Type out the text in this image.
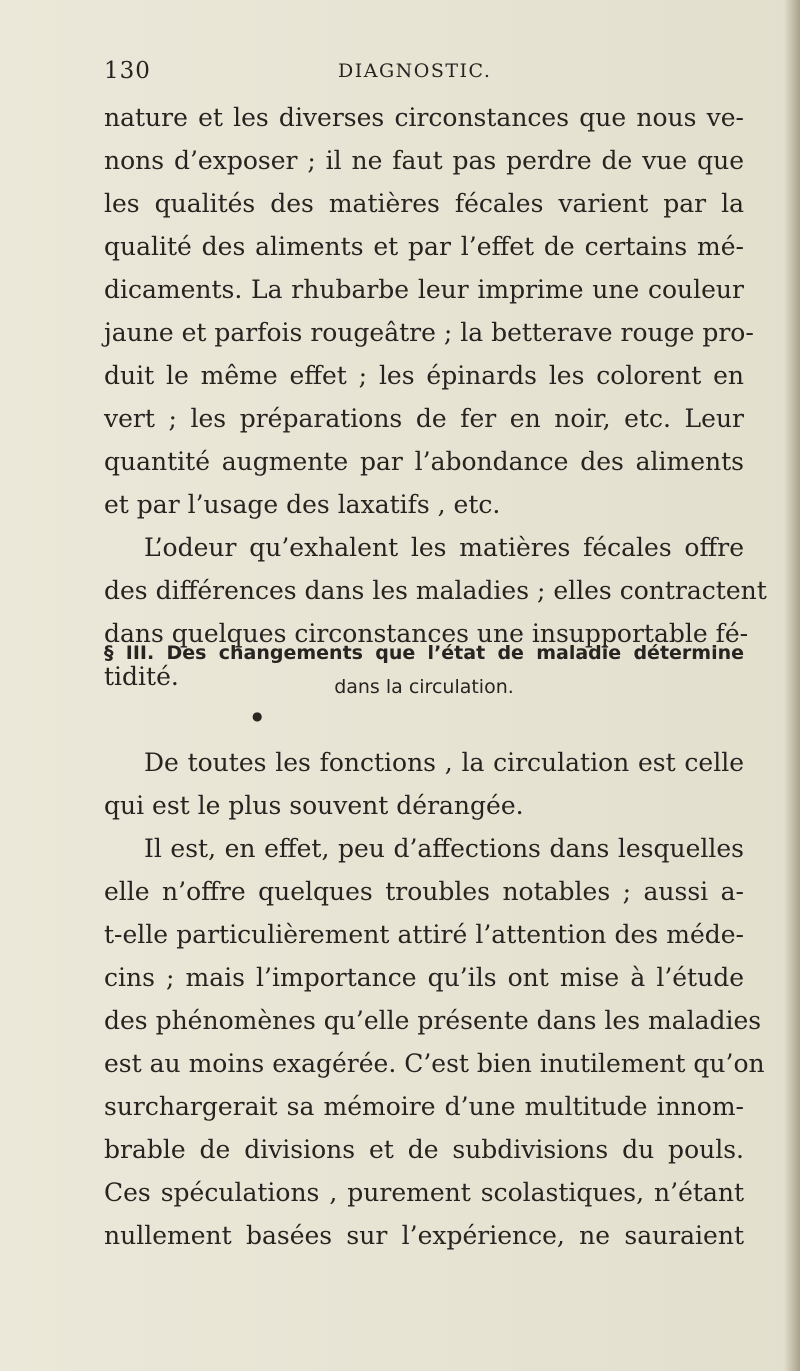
130	DIAGNOSTIC.
nature et les diverses circonstances que nous ve-
nons d’exposer ; il ne faut pas perdre de vue que
les qualités des matières fécales varient par la
qualité des aliments et par l’effet de certains mé-
dicaments. La rhubarbe leur imprime une couleur
jaune et parfois rougeâtre ; la betterave rouge pro-
duit le même effet ; les épinards les colorent en
vert ; les préparations de fer en noir, etc. Leur
quantité augmente par l’abondance des aliments
et par l’usage des laxatifs , etc.
L’odeur qu’exhalent les matières fécales offre
des différences dans les maladies ; elles contractent
dans quelques circonstances une insupportable fé-
tidité.
§ III. Des changements que l’état de maladie détermine
dans la circulation.
●
De toutes les fonctions , la circulation est celle
qui est le plus souvent dérangée.
Il est, en effet, peu d’affections dans lesquelles
elle n’offre quelques troubles notables ; aussi a-
t-elle particulièrement attiré l’attention des méde-
cins ; mais l’importance qu’ils ont mise à l’étude
des phénomènes qu’elle présente dans les maladies
est au moins exagérée. C’est bien inutilement qu’on
surchargerait sa mémoire d’une multitude innom-
brable de divisions et de subdivisions du pouls.
Ces spéculations , purement scolastiques, n’étant
nullement basées sur l’expérience, ne sauraient
